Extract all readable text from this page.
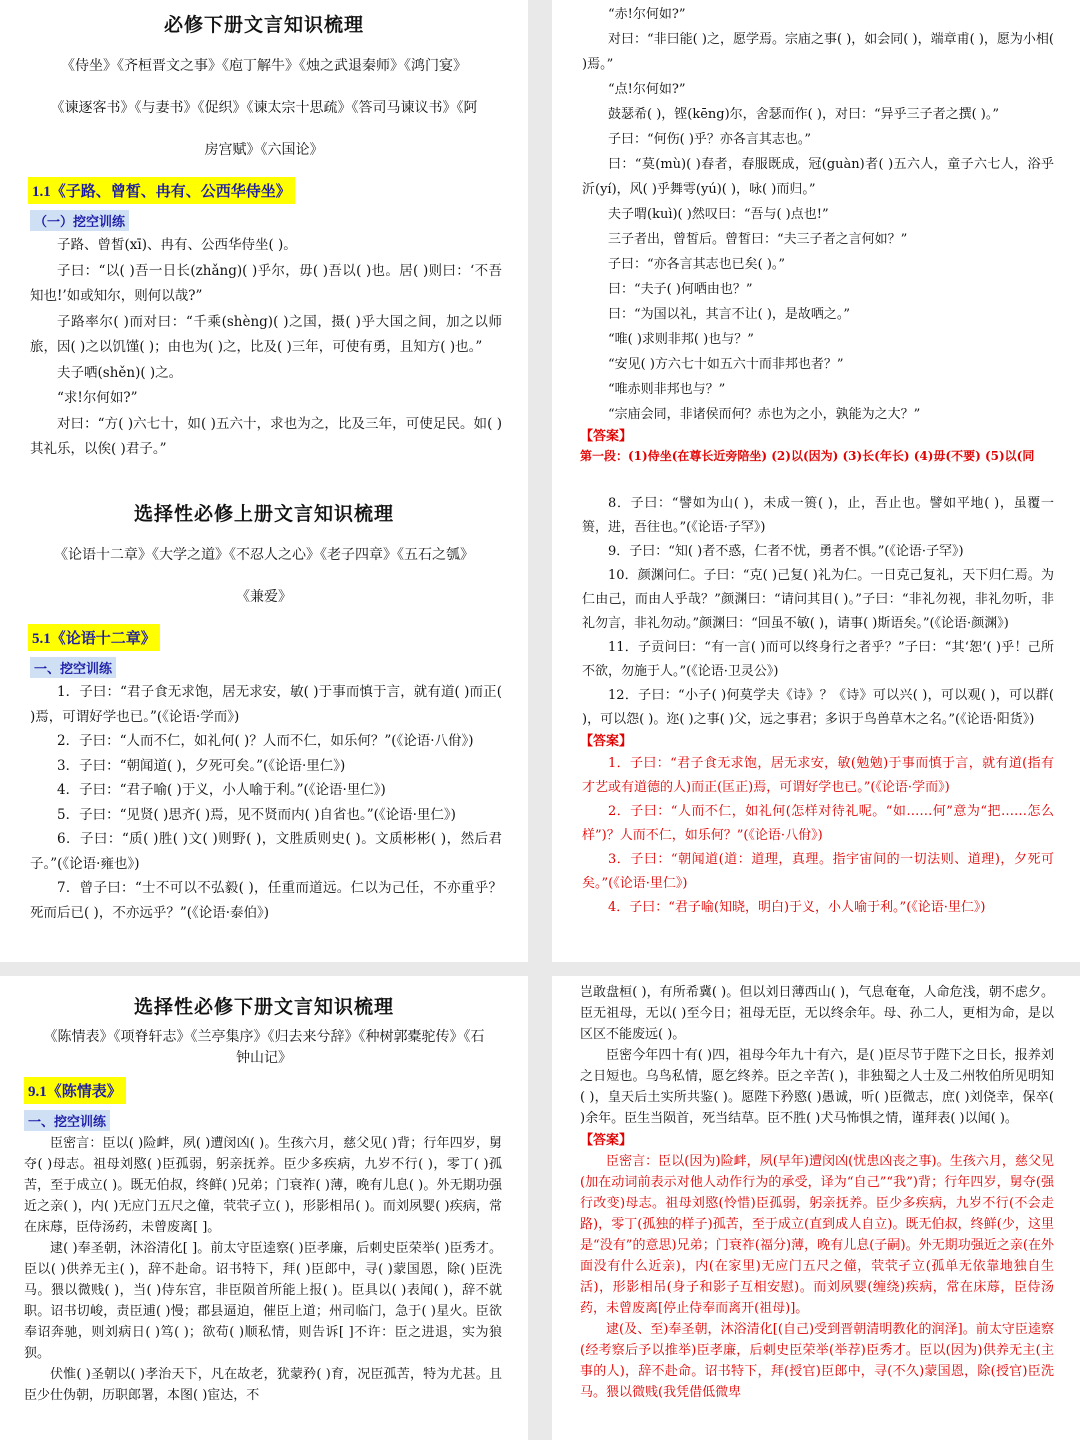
必修下册文言知识梳理
《侍坐》《齐桓晋文之事》《庖丁解牛》《烛之武退秦师》《鸿门宴》
《谏逐客书》《与妻书》《促织》《谏太宗十思疏》《答司马谏议书》《阿
房宫赋》《六国论》
1.1《子路、曾皙、冉有、公西华侍坐》
（一）挖空训练

子路、曾皙(xī)、冉有、公西华侍坐( )。

子曰：“以( )吾一日长(zhǎng)( )乎尔，毋( )吾以( )也。居( )则曰：‘不吾知也!’如或知尔，则何以哉?”

子路率尔( )而对曰：“千乘(shèng)( )之国，摄( )乎大国之间，加之以师旅，因( )之以饥馑( )；由也为( )之，比及( )三年，可使有勇，且知方( )也。”

夫子哂(shěn)( )之。

“求!尔何如?”

对曰：“方( )六七十，如( )五六十，求也为之，比及三年，可使足民。如( )其礼乐，以俟( )君子。”

“赤!尔何如?”

对曰：“非曰能( )之，愿学焉。宗庙之事( )，如会同( )，端章甫( )，愿为小相( )焉。”

“点!尔何如?”

鼓瑟希( )，铿(kēng)尔，舍瑟而作( )，对曰：“异乎三子者之撰( )。”

子曰：“何伤( )乎？亦各言其志也。”

曰：“莫(mù)( )春者，春服既成，冠(guàn)者( )五六人，童子六七人，浴乎沂(yí)，风( )乎舞雩(yú)( )，咏( )而归。”

夫子喟(kuì)( )然叹曰：“吾与( )点也!”

三子者出，曾皙后。曾皙曰：“夫三子者之言何如？”

子曰：“亦各言其志也已矣( )。”

曰：“夫子( )何哂由也？”

曰：“为国以礼，其言不让( )，是故哂之。”

“唯( )求则非邦( )也与？”

“安见( )方六七十如五六十而非邦也者？”

“唯赤则非邦也与？”

“宗庙会同，非诸侯而何？赤也为之小，孰能为之大？”

【答案】
第一段：(1)侍坐(在尊长近旁陪坐) (2)以(因为) (3)长(年长) (4)毋(不要) (5)以(同
选择性必修上册文言知识梳理
《论语十二章》《大学之道》《不忍人之心》《老子四章》《五石之瓠》
《兼爱》
5.1《论语十二章》
一、挖空训练

1．子曰：“君子食无求饱，居无求安，敏( )于事而慎于言，就有道( )而正( )焉，可谓好学也已。”(《论语·学而》)

2．子曰：“人而不仁，如礼何( )？人而不仁，如乐何？”(《论语·八佾》)

3．子曰：“朝闻道( )，夕死可矣。”(《论语·里仁》)

4．子曰：“君子喻( )于义，小人喻于利。”(《论语·里仁》)

5．子曰：“见贤( )思齐( )焉，见不贤而内( )自省也。”(《论语·里仁》)

6．子曰：“质( )胜( )文( )则野( )，文胜质则史( )。文质彬彬( )，然后君子。”(《论语·雍也》)

7．曾子曰：“士不可以不弘毅( )，任重而道远。仁以为己任，不亦重乎？死而后已( )，不亦远乎？”(《论语·泰伯》)

8．子曰：“譬如为山( )，未成一篑( )，止，吾止也。譬如平地( )，虽覆一篑，进，吾往也。”(《论语·子罕》)

9．子曰：“知( )者不惑，仁者不忧，勇者不惧。”(《论语·子罕》)

10．颜渊问仁。子曰：“克( )己复( )礼为仁。一日克己复礼，天下归仁焉。为仁由己，而由人乎哉？”颜渊曰：“请问其目( )。”子曰：“非礼勿视，非礼勿听，非礼勿言，非礼勿动。”颜渊曰：“回虽不敏( )，请事( )斯语矣。”(《论语·颜渊》)

11．子贡问曰：“有一言( )而可以终身行之者乎？”子曰：“其‘恕’( )乎！己所不欲，勿施于人。”(《论语·卫灵公》)

12．子曰：“小子( )何莫学夫《诗》？《诗》可以兴( )，可以观( )，可以群( )，可以怨( )。迩( )之事( )父，远之事君；多识于鸟兽草木之名。”(《论语·阳货》)

【答案】

1．子曰：“君子食无求饱，居无求安，敏(勉勉)于事而慎于言，就有道(指有才艺或有道德的人)而正(匡正)焉，可谓好学也已。”(《论语·学而》)

2．子曰：“人而不仁，如礼何(怎样对待礼呢。“如……何”意为“把……怎么样”)？人而不仁，如乐何？”(《论语·八佾》)

3．子曰：“朝闻道(道：道理，真理。指宇宙间的一切法则、道理)，夕死可矣。”(《论语·里仁》)

4．子曰：“君子喻(知晓，明白)于义，小人喻于利。”(《论语·里仁》)

选择性必修下册文言知识梳理
《陈情表》《项脊轩志》《兰亭集序》《归去来兮辞》《种树郭橐驼传》《石
钟山记》
9.1《陈情表》
一、挖空训练

臣密言：臣以( )险衅，夙( )遭闵凶( )。生孩六月，慈父见( )背；行年四岁，舅夺( )母志。祖母刘愍( )臣孤弱，躬亲抚养。臣少多疾病，九岁不行( )，零丁( )孤苦，至于成立( )。既无伯叔，终鲜( )兄弟；门衰祚( )薄，晚有儿息( )。外无期功强近之亲( )，内( )无应门五尺之僮，茕茕孑立( )，形影相吊( )。而刘夙婴( )疾病，常在床蓐，臣侍汤药，未曾废离[ ]。

逮( )奉圣朝，沐浴清化[ ]。前太守臣逵察( )臣孝廉，后刺史臣荣举( )臣秀才。臣以( )供养无主( )，辞不赴命。诏书特下，拜( )臣郎中，寻( )蒙国恩，除( )臣洗马。猥以微贱( )，当( )侍东宫，非臣陨首所能上报( )。臣具以( )表闻( )，辞不就职。诏书切峻，责臣逋( )慢；郡县逼迫，催臣上道；州司临门，急于( )星火。臣欲奉诏奔驰，则刘病日( )笃( )；欲苟( )顺私情，则告诉[ ]不许：臣之进退，实为狼狈。

伏惟( )圣朝以( )孝治天下，凡在故老，犹蒙矜( )育，况臣孤苦，特为尤甚。且臣少仕伪朝，历职郎署，本图( )宦达，不

岂敢盘桓( )，有所希冀( )。但以刘日薄西山( )，气息奄奄，人命危浅，朝不虑夕。臣无祖母，无以( )至今日；祖母无臣，无以终余年。母、孙二人，更相为命，是以区区不能废远( )。

臣密今年四十有( )四，祖母今年九十有六，是( )臣尽节于陛下之日长，报养刘之日短也。乌鸟私情，愿乞终养。臣之辛苦( )，非独蜀之人士及二州牧伯所见明知( )，皇天后土实所共鉴( )。愿陛下矜愍( )愚诚，听( )臣微志，庶( )刘侥幸，保卒( )余年。臣生当陨首，死当结草。臣不胜( )犬马怖惧之情，谨拜表( )以闻( )。

【答案】

臣密言：臣以(因为)险衅，夙(早年)遭闵凶(忧患凶丧之事)。生孩六月，慈父见(加在动词前表示对他人动作行为的承受，译为“自己”“我”)背；行年四岁，舅夺(强行改变)母志。祖母刘愍(怜惜)臣孤弱，躬亲抚养。臣少多疾病，九岁不行(不会走路)，零丁(孤独的样子)孤苦，至于成立(直到成人自立)。既无伯叔，终鲜(少，这里是“没有”的意思)兄弟；门衰祚(福分)薄，晚有儿息(子嗣)。外无期功强近之亲(在外面没有什么近亲)，内(在家里)无应门五尺之僮，茕茕孑立(孤单无依靠地独自生活)，形影相吊(身子和影子互相安慰)。而刘夙婴(缠绕)疾病，常在床蓐，臣侍汤药，未曾废离[停止侍奉而离开(祖母)]。

逮(及、至)奉圣朝，沐浴清化[(自己)受到晋朝清明教化的润泽]。前太守臣逵察(经考察后予以推举)臣孝廉，后刺史臣荣举(举荐)臣秀才。臣以(因为)供养无主(主事的人)，辞不赴命。诏书特下，拜(授官)臣郎中，寻(不久)蒙国恩，除(授官)臣洗马。猥以微贱(我凭借低微卑
